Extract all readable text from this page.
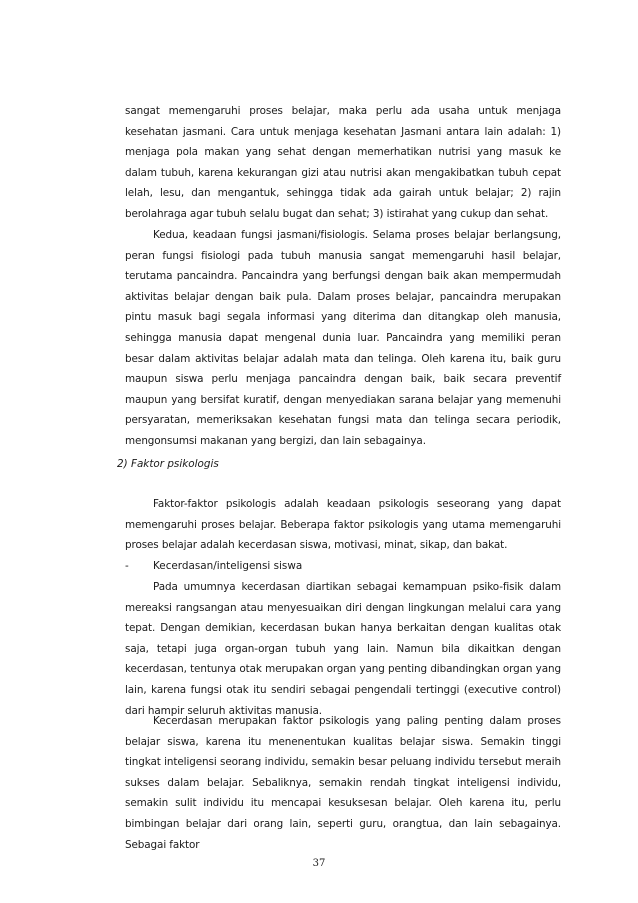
sangat memengaruhi proses belajar, maka perlu ada usaha untuk menjaga kesehatan jasmani. Cara untuk menjaga kesehatan Jasmani antara lain adalah: 1) menjaga pola makan yang sehat dengan memerhatikan nutrisi yang masuk ke dalam tubuh, karena kekurangan gizi atau nutrisi akan mengakibatkan tubuh cepat lelah, lesu, dan mengantuk, sehingga tidak ada gairah untuk belajar; 2) rajin berolahraga agar tubuh selalu bugat dan sehat; 3) istirahat yang cukup dan sehat.

Kedua, keadaan fungsi jasmani/fisiologis. Selama proses belajar berlangsung, peran fungsi fisiologi pada tubuh manusia sangat memengaruhi hasil belajar, terutama pancaindra. Pancaindra yang berfungsi dengan baik akan mempermudah aktivitas belajar dengan baik pula. Dalam proses belajar, pancaindra merupakan pintu masuk bagi segala informasi yang diterima dan ditangkap oleh manusia, sehingga manusia dapat mengenal dunia luar. Pancaindra yang memiliki peran besar dalam aktivitas belajar adalah mata dan telinga. Oleh karena itu, baik guru maupun siswa perlu menjaga pancaindra dengan baik, baik secara preventif maupun yang bersifat kuratif, dengan menyediakan sarana belajar yang memenuhi persyaratan, memeriksakan kesehatan fungsi mata dan telinga secara periodik, mengonsumsi makanan yang bergizi, dan lain sebagainya.

2) Faktor psikologis

Faktor-faktor psikologis adalah keadaan psikologis seseorang yang dapat memengaruhi proses belajar. Beberapa faktor psikologis yang utama memengaruhi proses belajar adalah kecerdasan siswa, motivasi, minat, sikap, dan bakat.

- Kecerdasan/inteligensi siswa

Pada umumnya kecerdasan diartikan sebagai kemampuan psiko-fisik dalam mereaksi rangsangan atau menyesuaikan diri dengan lingkungan melalui cara yang tepat. Dengan demikian, kecerdasan bukan hanya berkaitan dengan kualitas otak saja, tetapi juga organ-organ tubuh yang lain. Namun bila dikaitkan dengan kecerdasan, tentunya otak merupakan organ yang penting dibandingkan organ yang lain, karena fungsi otak itu sendiri sebagai pengendali tertinggi (executive control) dari hampir seluruh aktivitas manusia.

Kecerdasan merupakan faktor psikologis yang paling penting dalam proses belajar siswa, karena itu menenentukan kualitas belajar siswa. Semakin tinggi tingkat inteligensi seorang individu, semakin besar peluang individu tersebut meraih sukses dalam belajar. Sebaliknya, semakin rendah tingkat inteligensi individu, semakin sulit individu itu mencapai kesuksesan belajar. Oleh karena itu, perlu bimbingan belajar dari orang lain, seperti guru, orangtua, dan lain sebagainya. Sebagai faktor

37
